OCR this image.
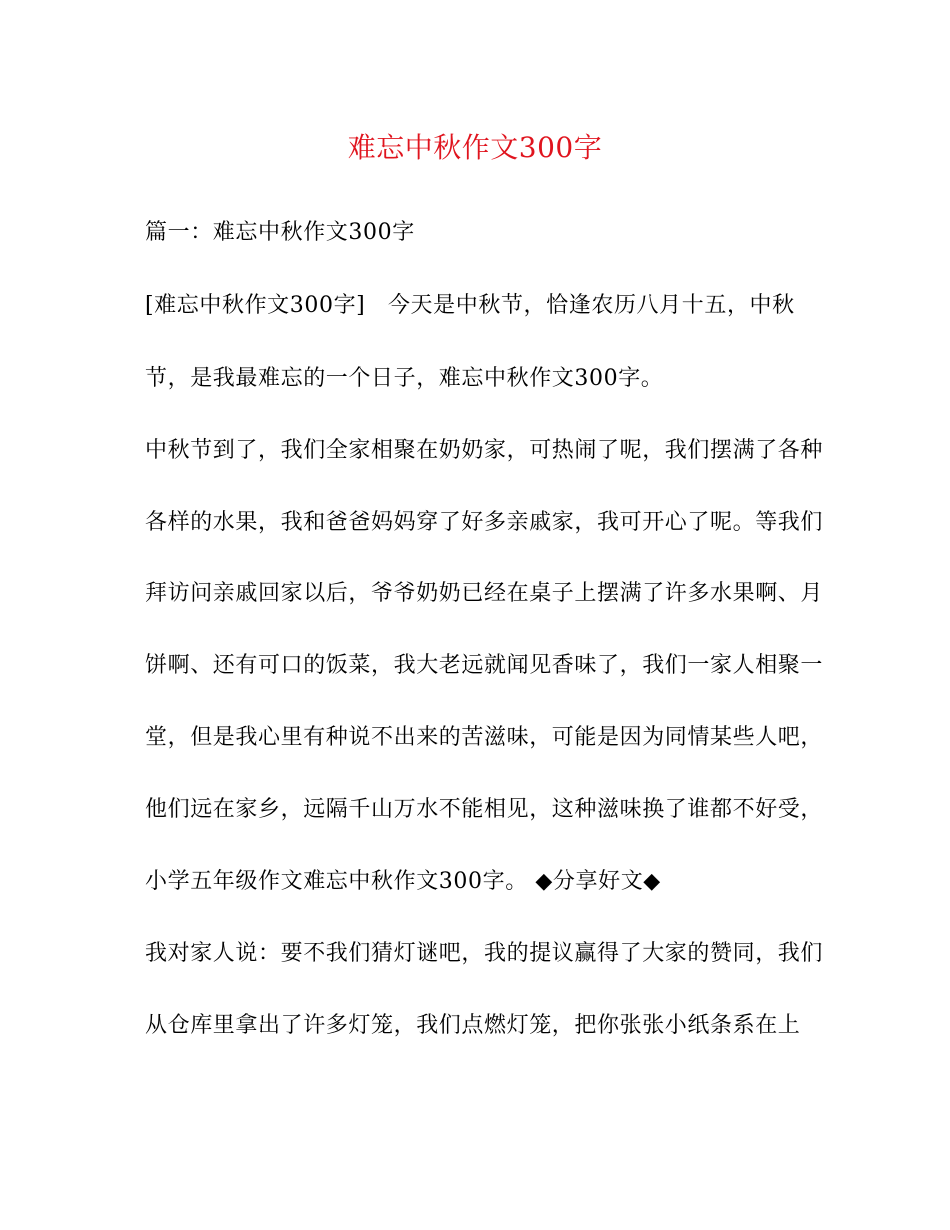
难忘中秋作文300字
篇一：难忘中秋作文300字
[难忘中秋作文300字]　今天是中秋节，恰逢农历八月十五，中秋
节，是我最难忘的一个日子，难忘中秋作文300字。
中秋节到了，我们全家相聚在奶奶家，可热闹了呢，我们摆满了各种
各样的水果，我和爸爸妈妈穿了好多亲戚家，我可开心了呢。等我们
拜访问亲戚回家以后，爷爷奶奶已经在桌子上摆满了许多水果啊、月
饼啊、还有可口的饭菜，我大老远就闻见香味了，我们一家人相聚一
堂，但是我心里有种说不出来的苦滋味，可能是因为同情某些人吧，
他们远在家乡，远隔千山万水不能相见，这种滋味换了谁都不好受，
小学五年级作文难忘中秋作文300字。 ◆分享好文◆
我对家人说：要不我们猜灯谜吧，我的提议赢得了大家的赞同，我们
从仓库里拿出了许多灯笼，我们点燃灯笼，把你张张小纸条系在上
